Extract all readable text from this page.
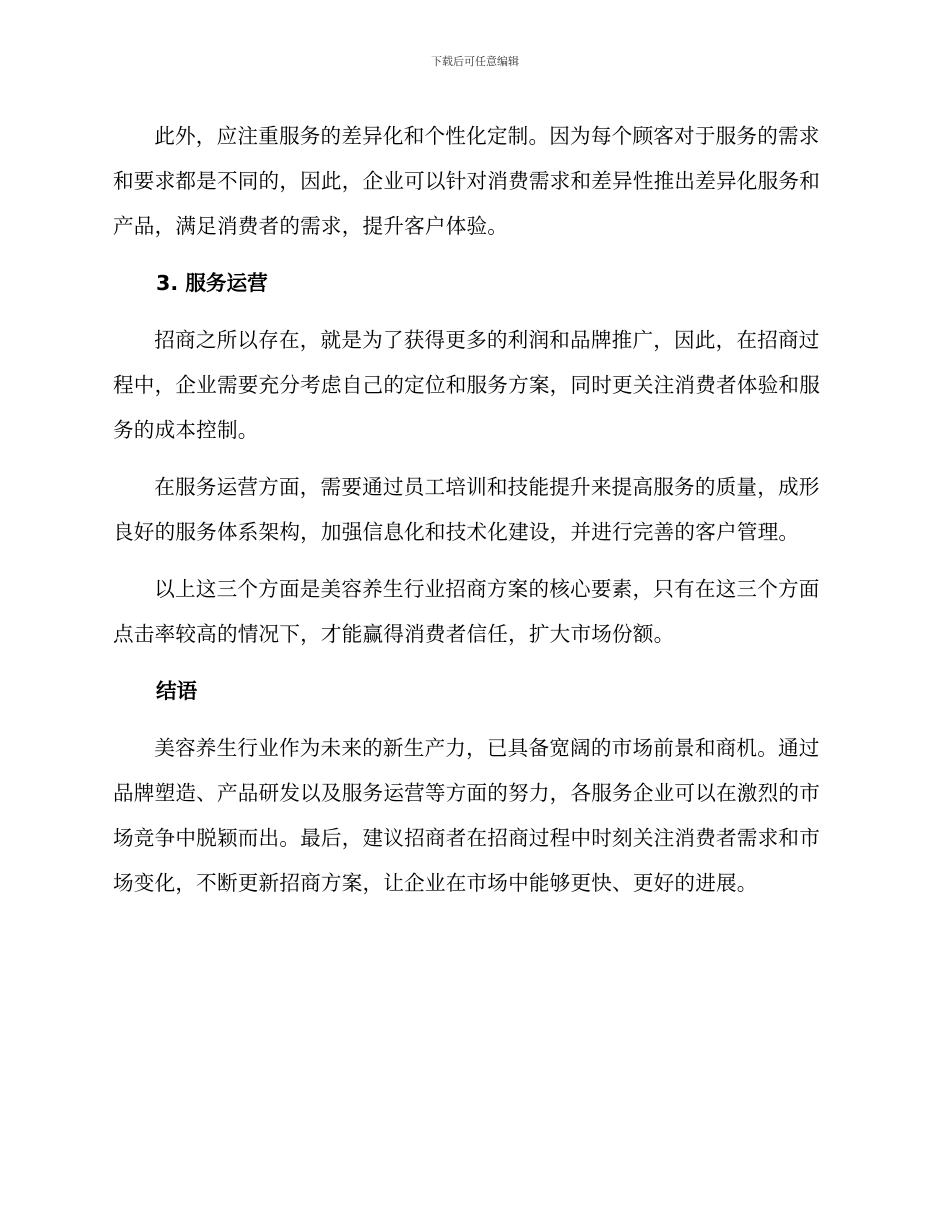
下载后可任意编辑

此外，应注重服务的差异化和个性化定制。因为每个顾客对于服务的需求和要求都是不同的，因此，企业可以针对消费需求和差异性推出差异化服务和产品，满足消费者的需求，提升客户体验。

3. 服务运营

招商之所以存在，就是为了获得更多的利润和品牌推广，因此，在招商过程中，企业需要充分考虑自己的定位和服务方案，同时更关注消费者体验和服务的成本控制。

在服务运营方面，需要通过员工培训和技能提升来提高服务的质量，成形良好的服务体系架构，加强信息化和技术化建设，并进行完善的客户管理。

以上这三个方面是美容养生行业招商方案的核心要素，只有在这三个方面点击率较高的情况下，才能赢得消费者信任，扩大市场份额。

结语

美容养生行业作为未来的新生产力，已具备宽阔的市场前景和商机。通过品牌塑造、产品研发以及服务运营等方面的努力，各服务企业可以在激烈的市场竞争中脱颖而出。最后，建议招商者在招商过程中时刻关注消费者需求和市场变化，不断更新招商方案，让企业在市场中能够更快、更好的进展。
